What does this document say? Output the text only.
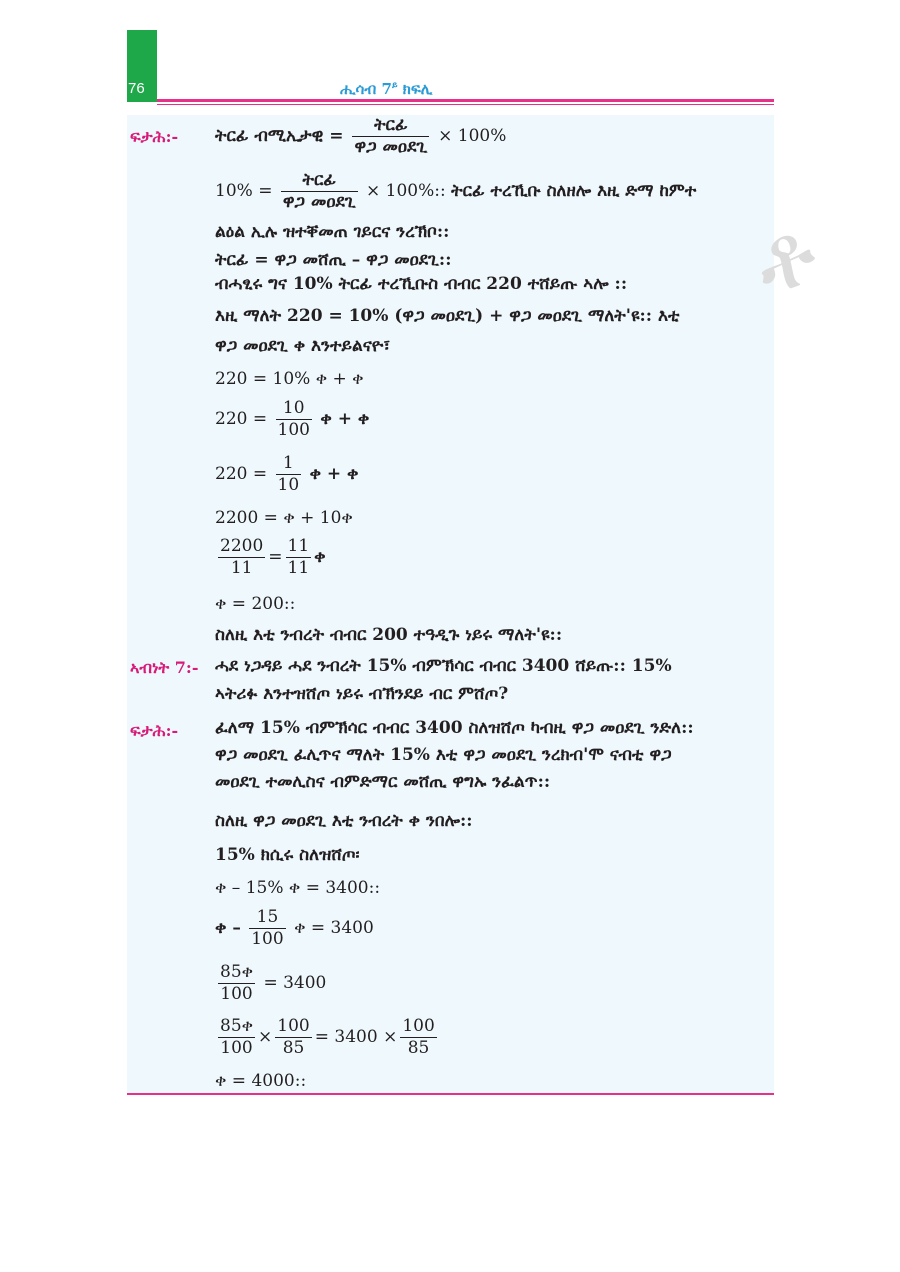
76	ሒሳብ $7^ይ$ ክፍሊ
ቶ
ፍታሕ:- ትርፊ ብሚኢታዊ = $\frac{\text{ትርፊ}}{\text{ዋጋ መዐደጊ}} \times 100\%$
$10\% = \frac{\text{ትርፊ}}{\text{ዋጋ መዐደጊ}} \times 100\%$:: ትርፊ ተረኺቡ ስለዘሎ እዚ ድማ ከምተ
ልዕል ኢሉ ዝተቐመጠ ገይርና ንረኽቦ::
ትርፊ = ዋጋ መሸጢ – ዋጋ መዐደጊ::
ብሓፂሩ ግና 10% ትርፊ ተረኺቡስ ብብር 220 ተሸይጡ ኣሎ ::
እዚ ማለት 220 = 10% (ዋጋ መዐደጊ) + ዋጋ መዐደጊ ማለት'ዩ:: እቲ
ዋጋ መዐደጊ ቀ እንተይልናዮ፣
220 = 10% ቀ + ቀ
$220 = \frac{10}{100}$ ቀ + ቀ
$220 = \frac{1}{10}$ ቀ + ቀ
2200 = ቀ + 10ቀ
$\frac{2200}{11} = \frac{11}{11}$ ቀ
ቀ = 200::
ስለዚ እቲ ንብረት ብብር 200 ተዓዲጉ ነይሩ ማለት'ዩ::
ኣብነት 7:- ሓደ ነጋዳይ ሓደ ንብረት 15% ብምኽሳር ብብር 3400 ሸይጡ:: 15%
ኣትሪፉ እንተዝሸጦ ነይሩ ብኽንደይ ብር ምሸጦ?
ፍታሕ:- ፈለማ 15% ብምኽሳር ብብር 3400 ስለዝሸጦ ካብዚ ዋጋ መዐደጊ ንድለ::
ዋጋ መዐደጊ ፈሊጥና ማለት 15% እቲ ዋጋ መዐደጊ ንረክብ'ሞ ናብቲ ዋጋ
መዐደጊ ተመሊስና ብምድማር መሸጢ ዋግኡ ንፈልጥ::
ስለዚ ዋጋ መዐደጊ እቲ ንብረት ቀ ንበሎ::
15% ክሲሩ ስለዝሸጦ፡
ቀ – 15% ቀ = 3400::
ቀ – $\frac{15}{100}$ ቀ = 3400
$\frac{\text{85ቀ}}{100} = 3400$
$\frac{\text{85ቀ}}{100} \times \frac{100}{85} = 3400 \times \frac{100}{85}$
ቀ = 4000::
